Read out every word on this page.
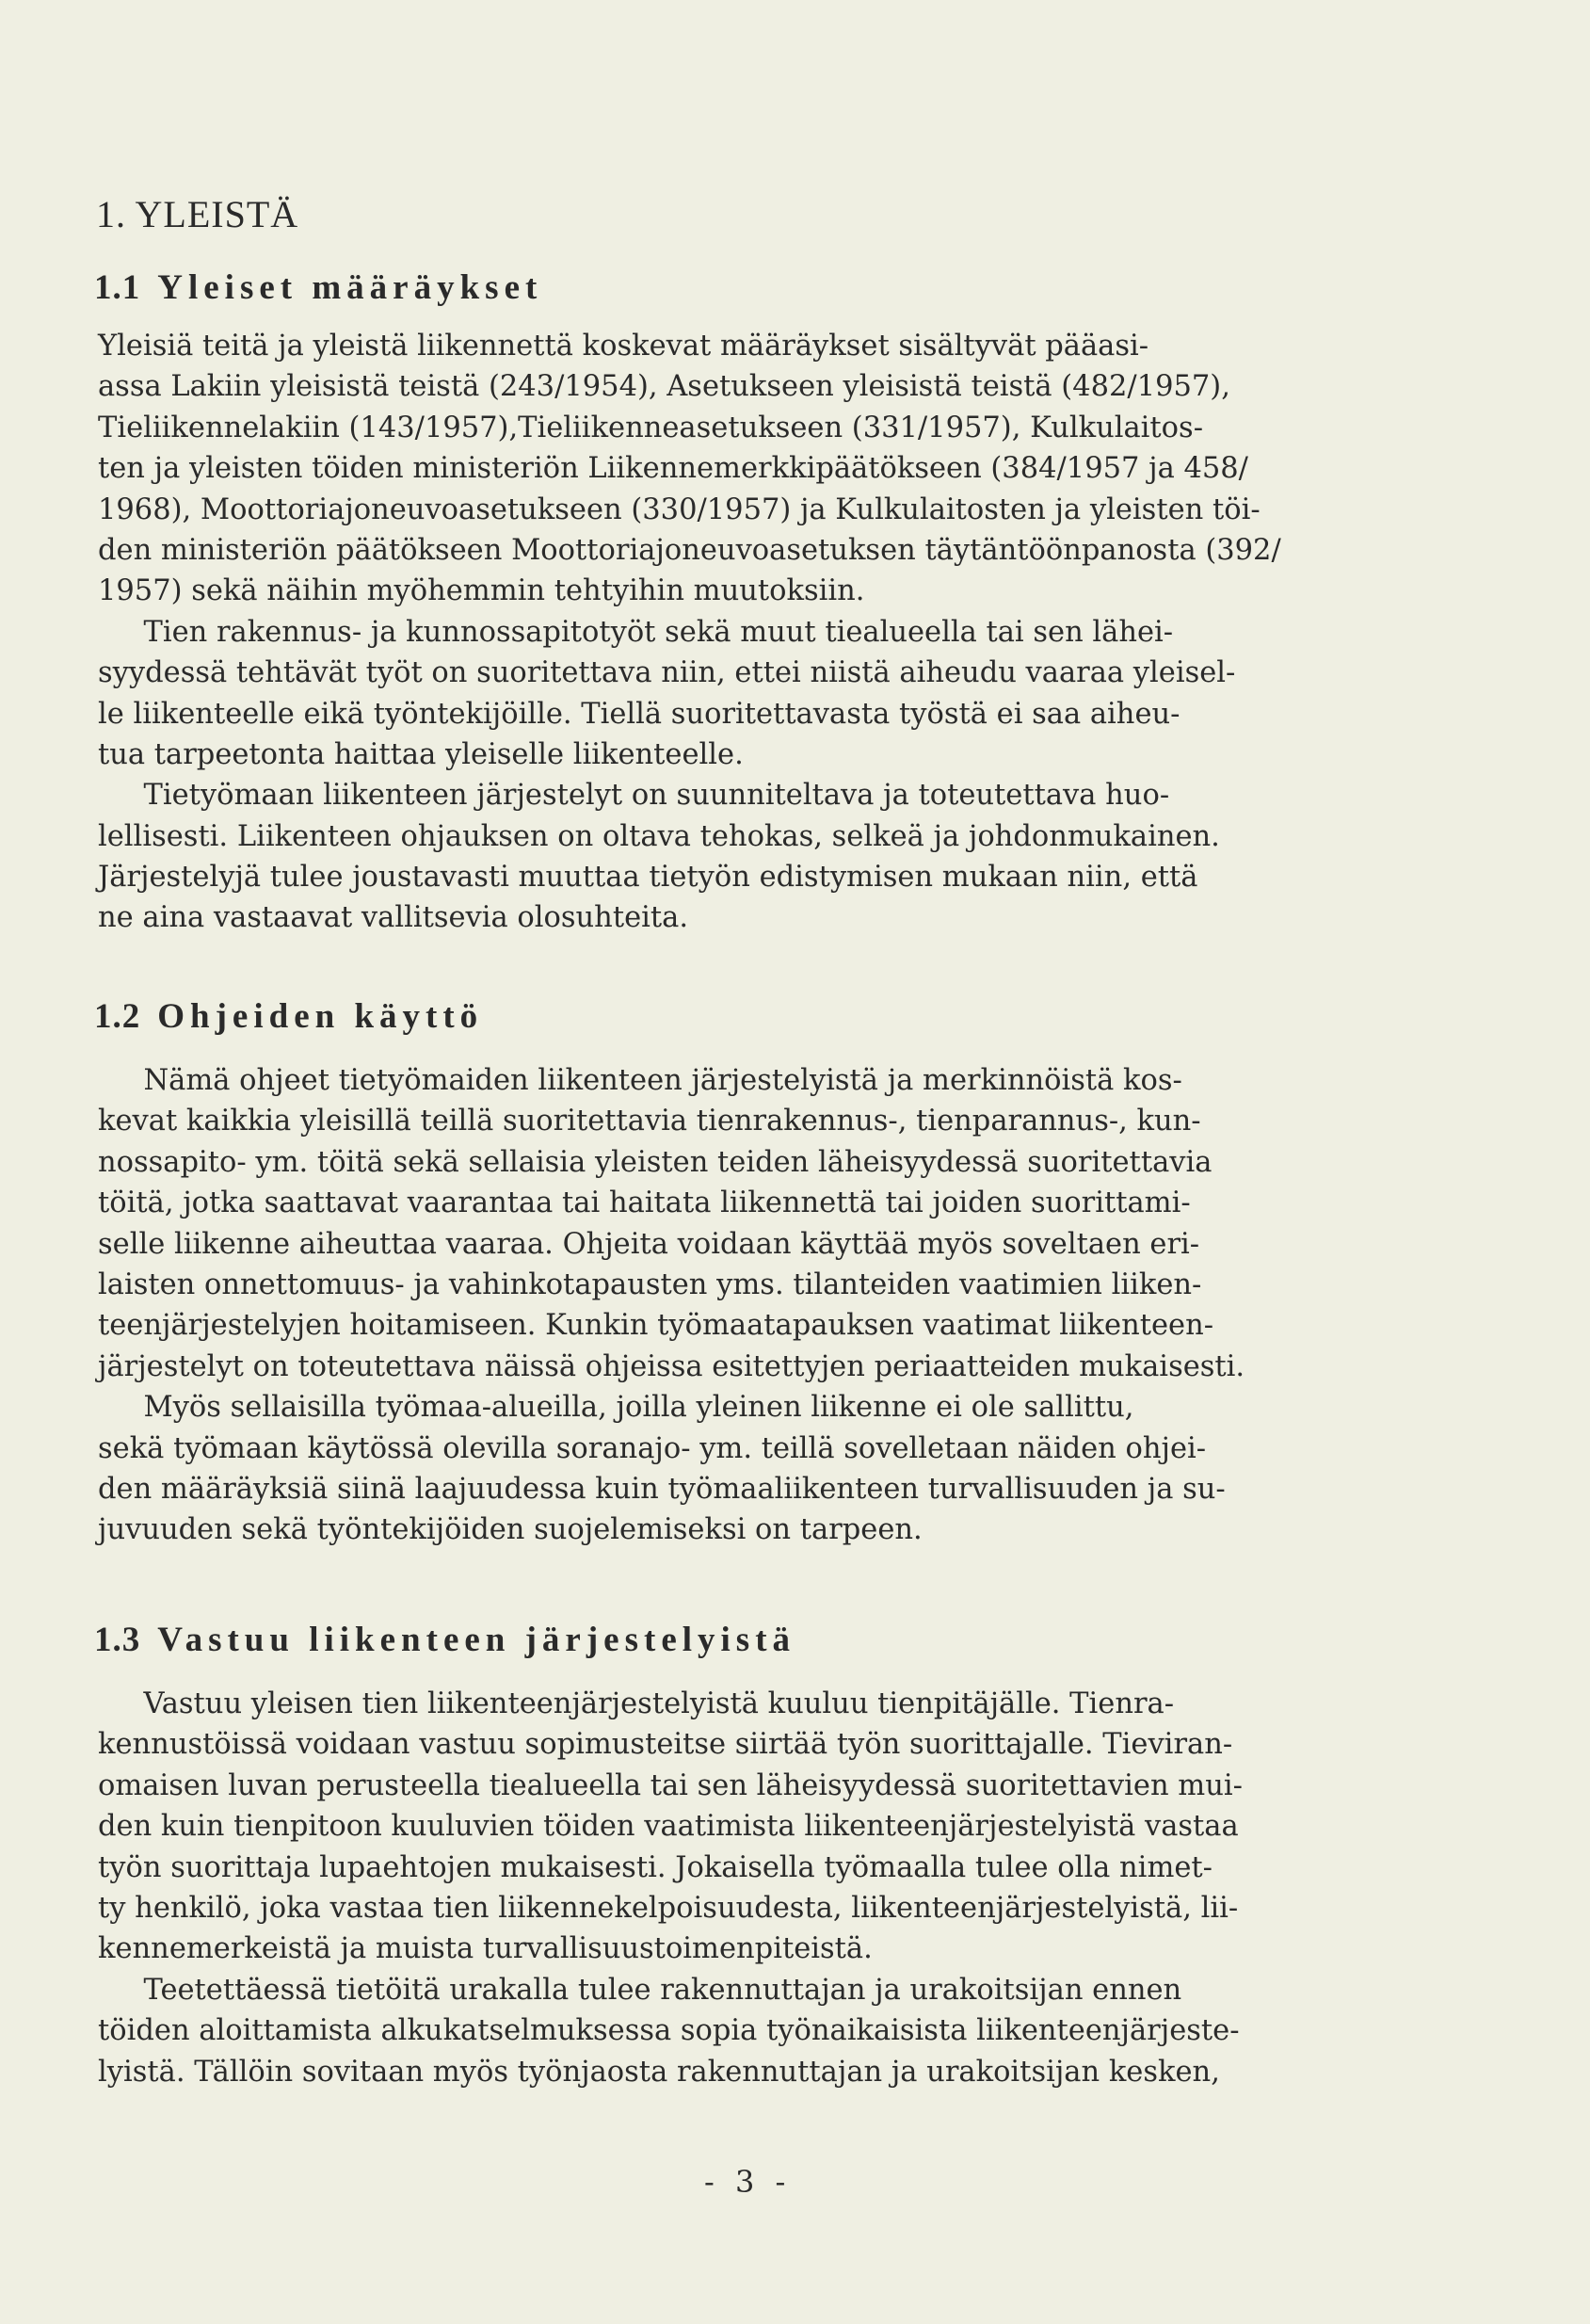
1. YLEISTÄ
1.1 Yleiset määräykset
Yleisiä teitä ja yleistä liikennettä koskevat määräykset sisältyvät pääasi-
assa Lakiin yleisistä teistä (243/1954), Asetukseen yleisistä teistä (482/1957),
Tieliikennelakiin (143/1957),Tieliikenneasetukseen (331/1957), Kulkulaitos-
ten ja yleisten töiden ministeriön Liikennemerkkipäätökseen (384/1957 ja 458/
1968), Moottoriajoneuvoasetukseen (330/1957) ja Kulkulaitosten ja yleisten töi-
den ministeriön päätökseen Moottoriajoneuvoasetuksen täytäntöönpanosta (392/
1957) sekä näihin myöhemmin tehtyihin muutoksiin.
Tien rakennus- ja kunnossapitotyöt sekä muut tiealueella tai sen lähei-
syydessä tehtävät työt on suoritettava niin, ettei niistä aiheudu vaaraa yleisel-
le liikenteelle eikä työntekijöille. Tiellä suoritettavasta työstä ei saa aiheu-
tua tarpeetonta haittaa yleiselle liikenteelle.
Tietyömaan liikenteen järjestelyt on suunniteltava ja toteutettava huo-
lellisesti. Liikenteen ohjauksen on oltava tehokas, selkeä ja johdonmukainen.
Järjestelyjä tulee joustavasti muuttaa tietyön edistymisen mukaan niin, että
ne aina vastaavat vallitsevia olosuhteita.
1.2 Ohjeiden käyttö
Nämä ohjeet tietyömaiden liikenteen järjestelyistä ja merkinnöistä kos-
kevat kaikkia yleisillä teillä suoritettavia tienrakennus-, tienparannus-, kun-
nossapito- ym. töitä sekä sellaisia yleisten teiden läheisyydessä suoritettavia
töitä, jotka saattavat vaarantaa tai haitata liikennettä tai joiden suorittami-
selle liikenne aiheuttaa vaaraa. Ohjeita voidaan käyttää myös soveltaen eri-
laisten onnettomuus- ja vahinkotapausten yms. tilanteiden vaatimien liiken-
teenjärjestelyjen hoitamiseen. Kunkin työmaatapauksen vaatimat liikenteen-
järjestelyt on toteutettava näissä ohjeissa esitettyjen periaatteiden mukaisesti.
Myös sellaisilla työmaa-alueilla, joilla yleinen liikenne ei ole sallittu,
sekä työmaan käytössä olevilla soranajo- ym. teillä sovelletaan näiden ohjei-
den määräyksiä siinä laajuudessa kuin työmaaliikenteen turvallisuuden ja su-
juvuuden sekä työntekijöiden suojelemiseksi on tarpeen.
1.3 Vastuu liikenteen järjestelyistä
Vastuu yleisen tien liikenteenjärjestelyistä kuuluu tienpitäjälle. Tienra-
kennustöissä voidaan vastuu sopimusteitse siirtää työn suorittajalle. Tieviran-
omaisen luvan perusteella tiealueella tai sen läheisyydessä suoritettavien mui-
den kuin tienpitoon kuuluvien töiden vaatimista liikenteenjärjestelyistä vastaa
työn suorittaja lupaehtojen mukaisesti. Jokaisella työmaalla tulee olla nimet-
ty henkilö, joka vastaa tien liikennekelpoisuudesta, liikenteenjärjestelyistä, lii-
kennemerkeistä ja muista turvallisuustoimenpiteistä.
Teetettäessä tietöitä urakalla tulee rakennuttajan ja urakoitsijan ennen
töiden aloittamista alkukatselmuksessa sopia työnaikaisista liikenteenjärjeste-
lyistä. Tällöin sovitaan myös työnjaosta rakennuttajan ja urakoitsijan kesken,

- 3 -
